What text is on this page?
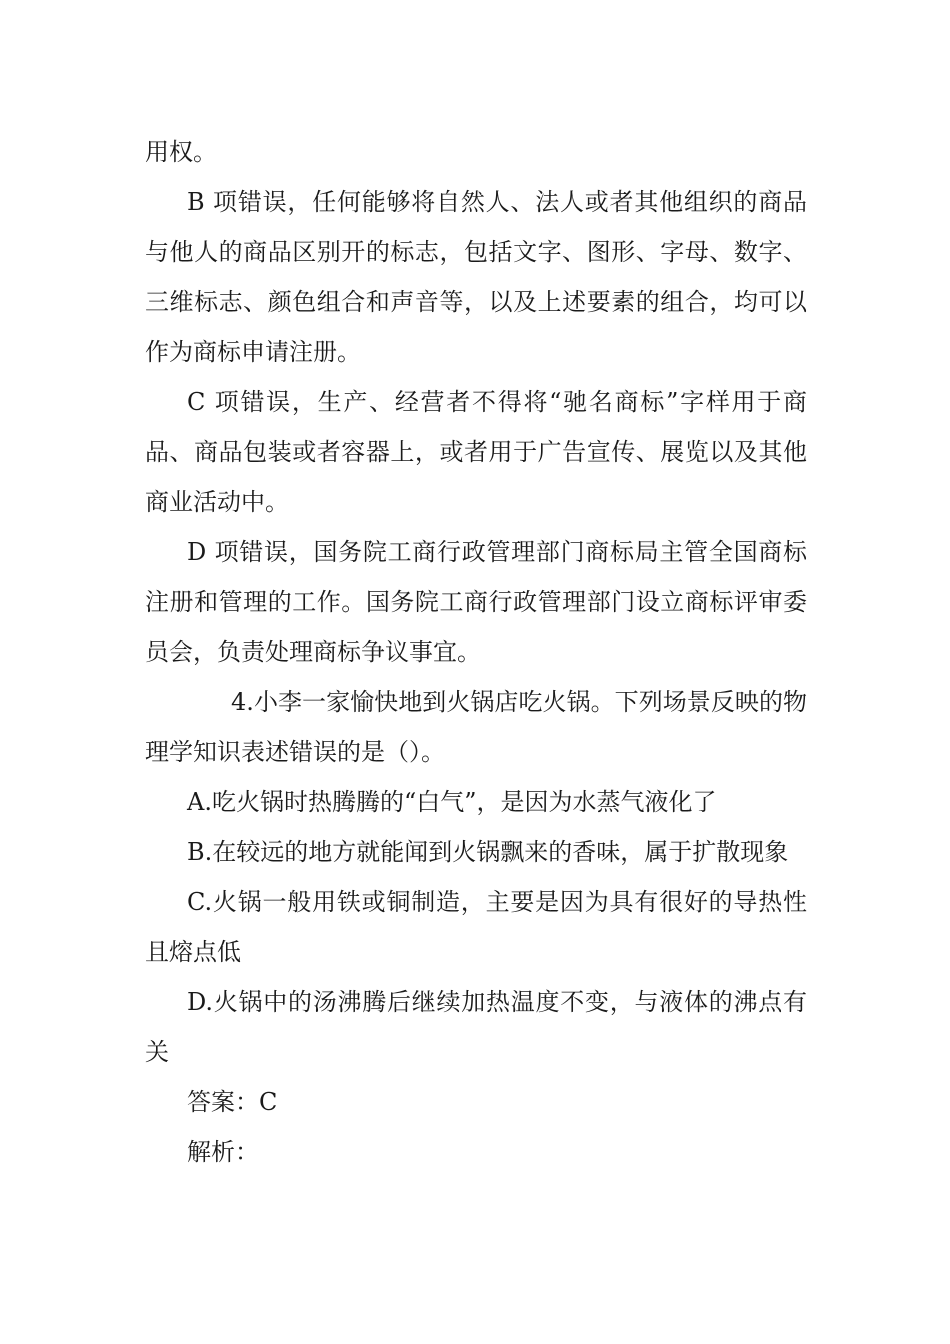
用权。

B 项错误，任何能够将自然人、法人或者其他组织的商品与他人的商品区别开的标志，包括文字、图形、字母、数字、三维标志、颜色组合和声音等，以及上述要素的组合，均可以作为商标申请注册。

C 项错误，生产、经营者不得将“驰名商标”字样用于商品、商品包装或者容器上，或者用于广告宣传、展览以及其他商业活动中。

D 项错误，国务院工商行政管理部门商标局主管全国商标注册和管理的工作。国务院工商行政管理部门设立商标评审委员会，负责处理商标争议事宜。

4.小李一家愉快地到火锅店吃火锅。下列场景反映的物理学知识表述错误的是（）。

A.吃火锅时热腾腾的“白气”，是因为水蒸气液化了

B.在较远的地方就能闻到火锅飘来的香味，属于扩散现象

C.火锅一般用铁或铜制造，主要是因为具有很好的导热性且熔点低

D.火锅中的汤沸腾后继续加热温度不变，与液体的沸点有关

答案：C

解析：
